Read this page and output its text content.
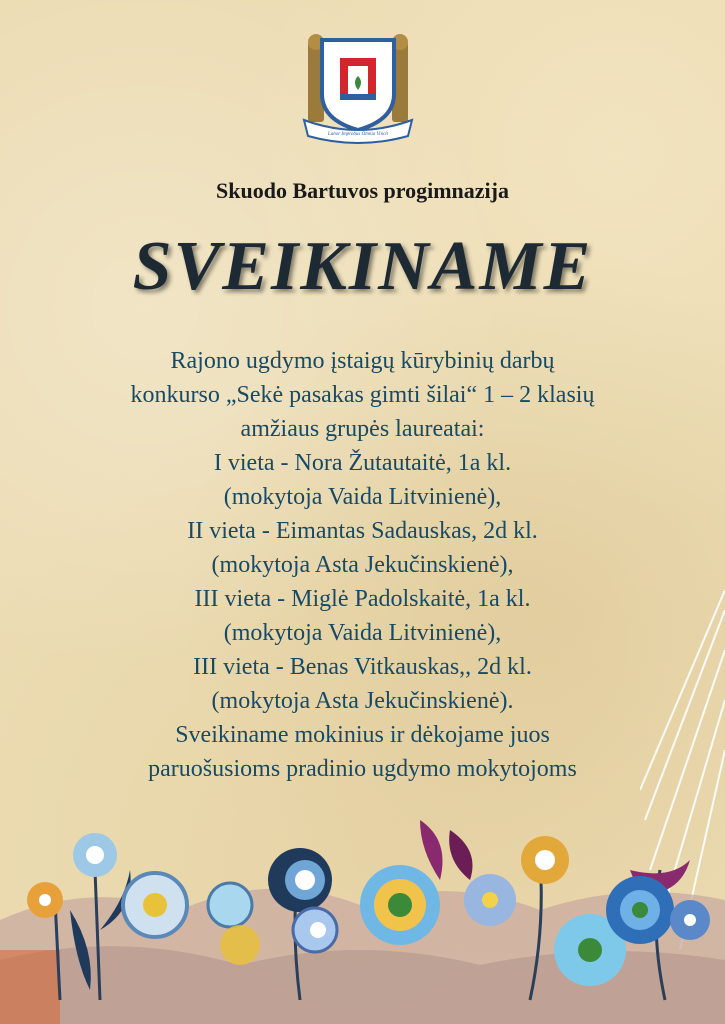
Labor Improbus Omnia Vincit
Skuodo Bartuvos progimnazija
SVEIKINAME
Rajono ugdymo įstaigų kūrybinių darbų
konkurso „Sekė pasakas gimti šilai“ 1 – 2 klasių
amžiaus grupės laureatai:
I vieta - Nora Žutautaitė, 1a kl.
(mokytoja Vaida Litvinienė),
II vieta - Eimantas Sadauskas, 2d kl.
(mokytoja Asta Jekučinskienė),
III vieta - Miglė Padolskaitė, 1a kl.
(mokytoja Vaida Litvinienė),
III vieta - Benas Vitkauskas,, 2d kl.
(mokytoja Asta Jekučinskienė).
Sveikiname mokinius ir dėkojame juos
paruošusioms pradinio ugdymo mokytojoms
